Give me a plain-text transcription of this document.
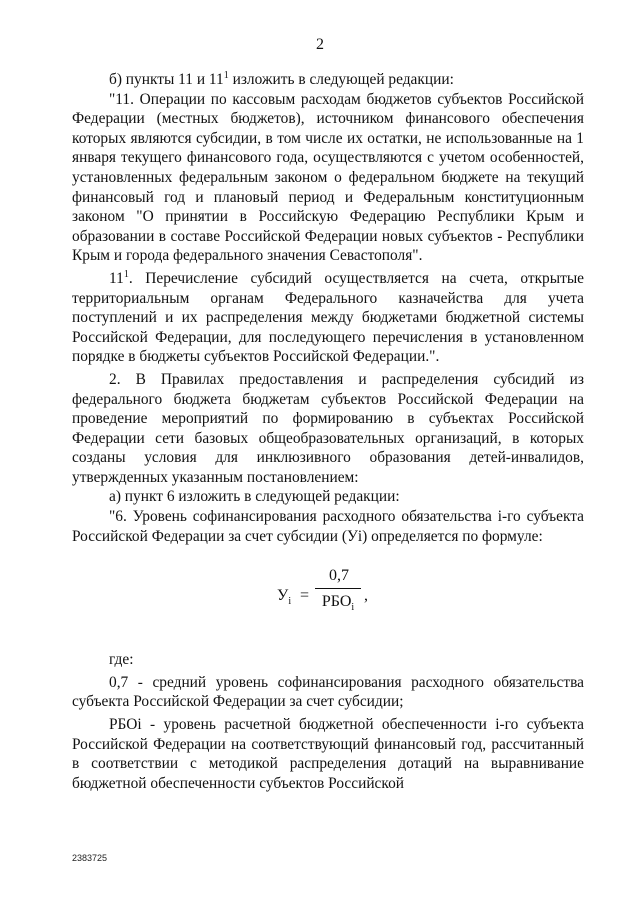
2

б) пункты 11 и $11^1$ изложить в следующей редакции:

"11. Операции по кассовым расходам бюджетов субъектов Российской Федерации (местных бюджетов), источником финансового обеспечения которых являются субсидии, в том числе их остатки, не использованные на 1 января текущего финансового года, осуществляются с учетом особенностей, установленных федеральным законом о федеральном бюджете на текущий финансовый год и плановый период и Федеральным конституционным законом "О принятии в Российскую Федерацию Республики Крым и образовании в составе Российской Федерации новых субъектов - Республики Крым и города федерального значения Севастополя".

$11^1$. Перечисление субсидий осуществляется на счета, открытые территориальным органам Федерального казначейства для учета поступлений и их распределения между бюджетами бюджетной системы Российской Федерации, для последующего перечисления в установленном порядке в бюджеты субъектов Российской Федерации.".

2. В Правилах предоставления и распределения субсидий из федерального бюджета бюджетам субъектов Российской Федерации на проведение мероприятий по формированию в субъектах Российской Федерации сети базовых общеобразовательных организаций, в которых созданы условия для инклюзивного образования детей-инвалидов, утвержденных указанным постановлением:

а) пункт 6 изложить в следующей редакции:

"6. Уровень софинансирования расходного обязательства i-го субъекта Российской Федерации за счет субсидии (Уi) определяется по формуле:

$У_i$ =
0,7
$РБО_i$
,

где:

0,7 - средний уровень софинансирования расходного обязательства субъекта Российской Федерации за счет субсидии;

РБОi - уровень расчетной бюджетной обеспеченности i-го субъекта Российской Федерации на соответствующий финансовый год, рассчитанный в соответствии с методикой распределения дотаций на выравнивание бюджетной обеспеченности субъектов Российской

2383725
